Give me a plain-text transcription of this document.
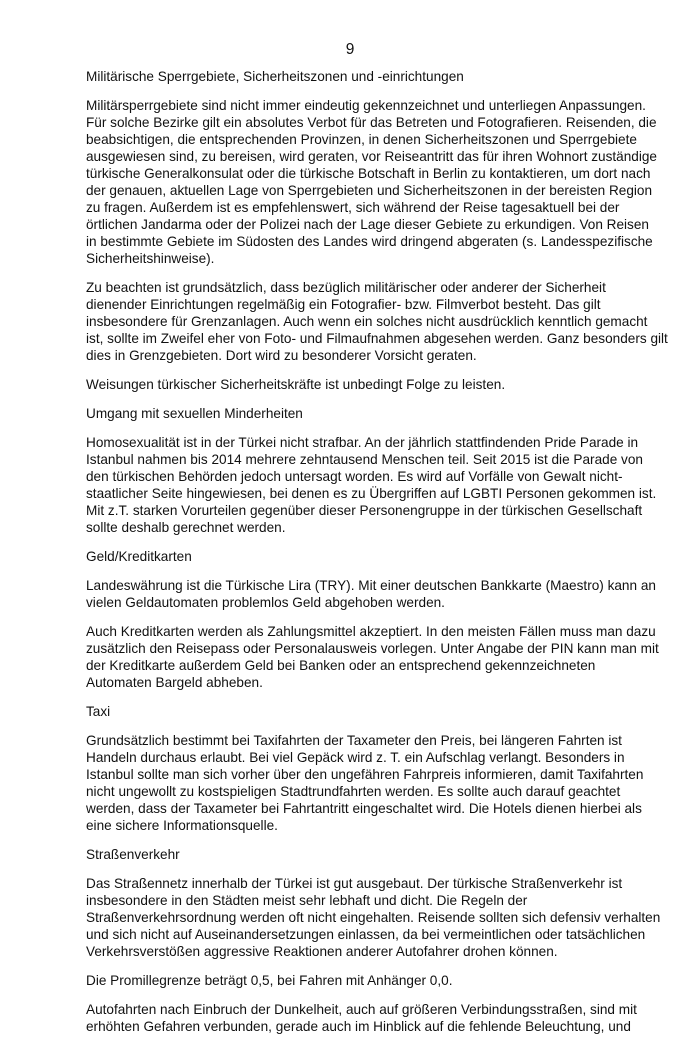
9
Militärische Sperrgebiete, Sicherheitszonen und -einrichtungen
Militärsperrgebiete sind nicht immer eindeutig gekennzeichnet und unterliegen Anpassungen.
Für solche Bezirke gilt ein absolutes Verbot für das Betreten und Fotografieren. Reisenden, die
beabsichtigen, die entsprechenden Provinzen, in denen Sicherheitszonen und Sperrgebiete
ausgewiesen sind, zu bereisen, wird geraten, vor Reiseantritt das für ihren Wohnort zuständige
türkische Generalkonsulat oder die türkische Botschaft in Berlin zu kontaktieren, um dort nach
der genauen, aktuellen Lage von Sperrgebieten und Sicherheitszonen in der bereisten Region
zu fragen. Außerdem ist es empfehlenswert, sich während der Reise tagesaktuell bei der
örtlichen Jandarma oder der Polizei nach der Lage dieser Gebiete zu erkundigen. Von Reisen
in bestimmte Gebiete im Südosten des Landes wird dringend abgeraten (s. Landesspezifische
Sicherheitshinweise).
Zu beachten ist grundsätzlich, dass bezüglich militärischer oder anderer der Sicherheit
dienender Einrichtungen regelmäßig ein Fotografier- bzw. Filmverbot besteht. Das gilt
insbesondere für Grenzanlagen. Auch wenn ein solches nicht ausdrücklich kenntlich gemacht
ist, sollte im Zweifel eher von Foto- und Filmaufnahmen abgesehen werden. Ganz besonders gilt
dies in Grenzgebieten. Dort wird zu besonderer Vorsicht geraten.
Weisungen türkischer Sicherheitskräfte ist unbedingt Folge zu leisten.
Umgang mit sexuellen Minderheiten
Homosexualität ist in der Türkei nicht strafbar. An der jährlich stattfindenden Pride Parade in
Istanbul nahmen bis 2014 mehrere zehntausend Menschen teil. Seit 2015 ist die Parade von
den türkischen Behörden jedoch untersagt worden. Es wird auf Vorfälle von Gewalt nicht-
staatlicher Seite hingewiesen, bei denen es zu Übergriffen auf LGBTI Personen gekommen ist.
Mit z.T. starken Vorurteilen gegenüber dieser Personengruppe in der türkischen Gesellschaft
sollte deshalb gerechnet werden.
Geld/Kreditkarten
Landeswährung ist die Türkische Lira (TRY). Mit einer deutschen Bankkarte (Maestro) kann an
vielen Geldautomaten problemlos Geld abgehoben werden.
Auch Kreditkarten werden als Zahlungsmittel akzeptiert. In den meisten Fällen muss man dazu
zusätzlich den Reisepass oder Personalausweis vorlegen. Unter Angabe der PIN kann man mit
der Kreditkarte außerdem Geld bei Banken oder an entsprechend gekennzeichneten
Automaten Bargeld abheben.
Taxi
Grundsätzlich bestimmt bei Taxifahrten der Taxameter den Preis, bei längeren Fahrten ist
Handeln durchaus erlaubt. Bei viel Gepäck wird z. T. ein Aufschlag verlangt. Besonders in
Istanbul sollte man sich vorher über den ungefähren Fahrpreis informieren, damit Taxifahrten
nicht ungewollt zu kostspieligen Stadtrundfahrten werden. Es sollte auch darauf geachtet
werden, dass der Taxameter bei Fahrtantritt eingeschaltet wird. Die Hotels dienen hierbei als
eine sichere Informationsquelle.
Straßenverkehr
Das Straßennetz innerhalb der Türkei ist gut ausgebaut. Der türkische Straßenverkehr ist
insbesondere in den Städten meist sehr lebhaft und dicht. Die Regeln der
Straßenverkehrsordnung werden oft nicht eingehalten. Reisende sollten sich defensiv verhalten
und sich nicht auf Auseinandersetzungen einlassen, da bei vermeintlichen oder tatsächlichen
Verkehrsverstößen aggressive Reaktionen anderer Autofahrer drohen können.
Die Promillegrenze beträgt 0,5, bei Fahren mit Anhänger 0,0.
Autofahrten nach Einbruch der Dunkelheit, auch auf größeren Verbindungsstraßen, sind mit
erhöhten Gefahren verbunden, gerade auch im Hinblick auf die fehlende Beleuchtung, und
